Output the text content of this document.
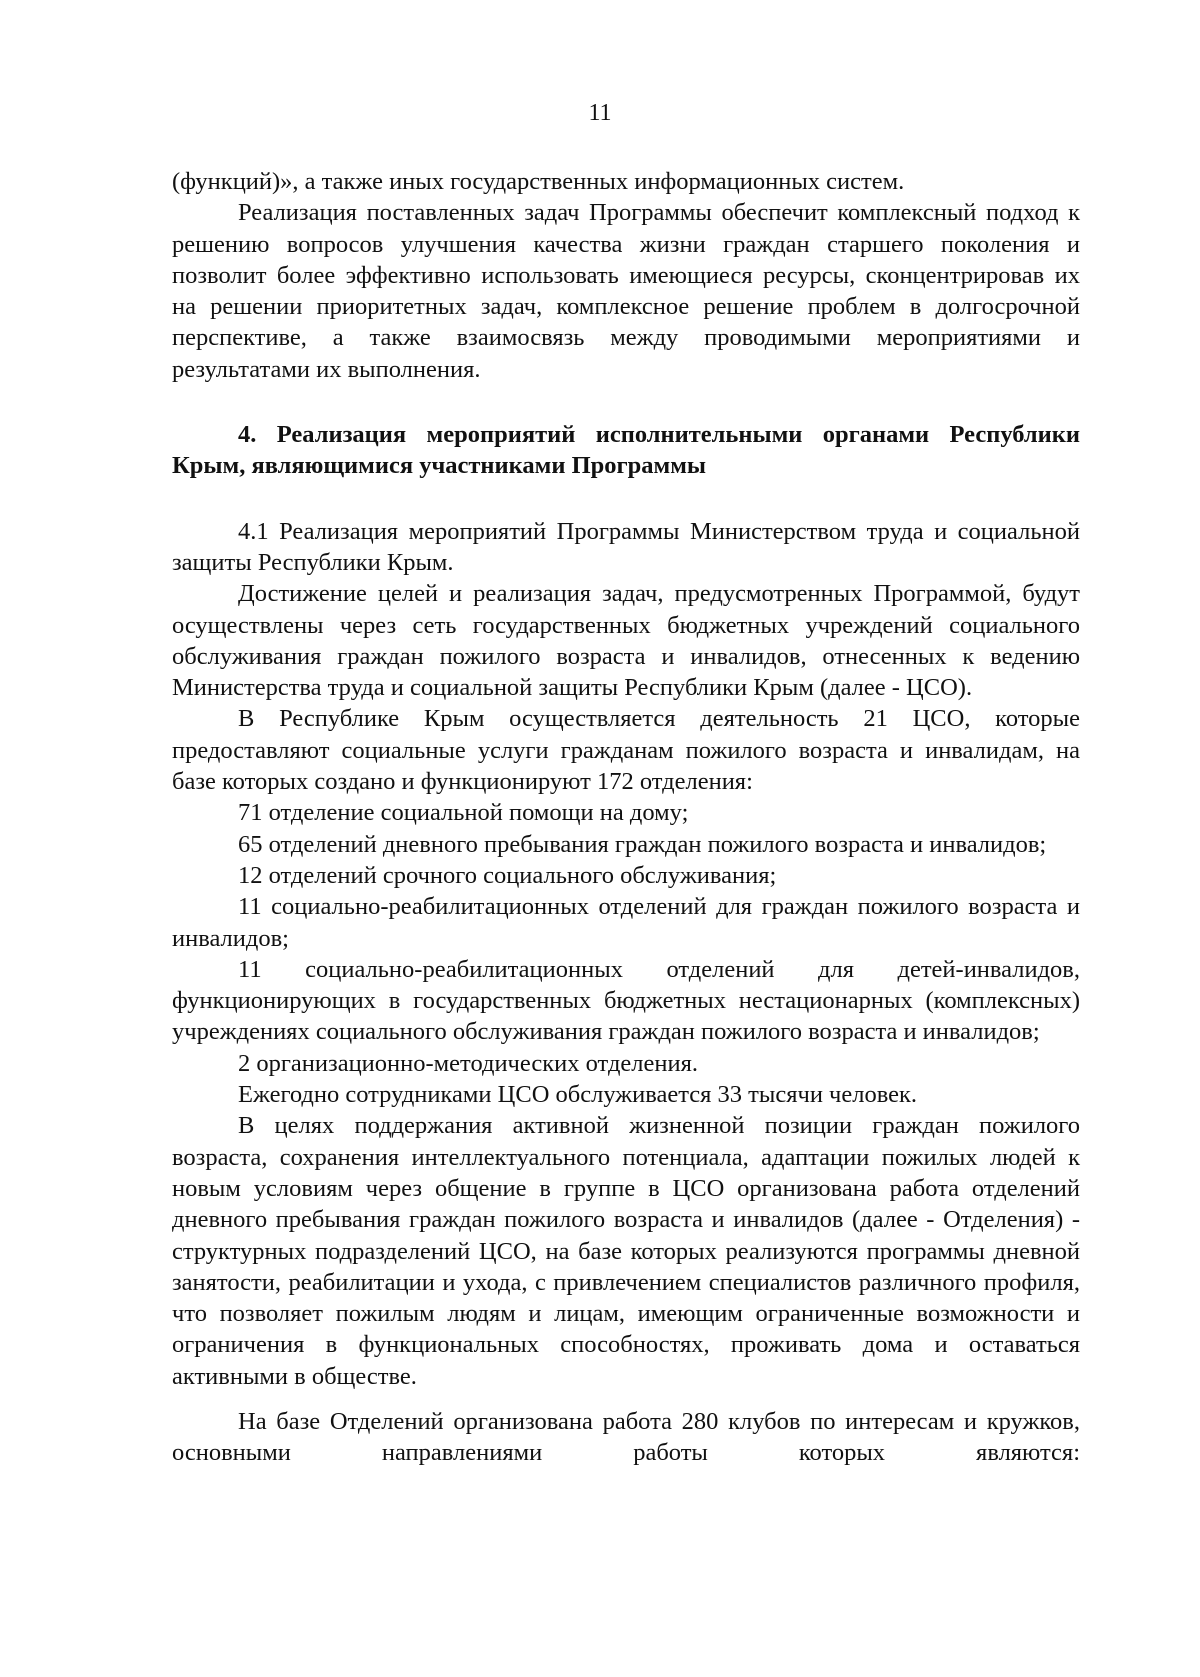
11

(функций)», а также иных государственных информационных систем.

Реализация поставленных задач Программы обеспечит комплексный подход к решению вопросов улучшения качества жизни граждан старшего поколения и позволит более эффективно использовать имеющиеся ресурсы, сконцентрировав их на решении приоритетных задач, комплексное решение проблем в долгосрочной перспективе, а также взаимосвязь между проводимыми мероприятиями и результатами их выполнения.

4. Реализация мероприятий исполнительными органами Республики Крым, являющимися участниками Программы

4.1 Реализация мероприятий Программы Министерством труда и социальной защиты Республики Крым.

Достижение целей и реализация задач, предусмотренных Программой, будут осуществлены через сеть государственных бюджетных учреждений социального обслуживания граждан пожилого возраста и инвалидов, отнесенных к ведению Министерства труда и социальной защиты Республики Крым (далее - ЦСО).

В Республике Крым осуществляется деятельность 21 ЦСО, которые предоставляют социальные услуги гражданам пожилого возраста и инвалидам, на базе которых создано и функционируют 172 отделения:

71 отделение социальной помощи на дому;

65 отделений дневного пребывания граждан пожилого возраста и инвалидов;

12 отделений срочного социального обслуживания;

11 социально-реабилитационных отделений для граждан пожилого возраста и инвалидов;

11 социально-реабилитационных отделений для детей-инвалидов, функционирующих в государственных бюджетных нестационарных (комплексных) учреждениях социального обслуживания граждан пожилого возраста и инвалидов;

2 организационно-методических отделения.

Ежегодно сотрудниками ЦСО обслуживается 33 тысячи человек.

В целях поддержания активной жизненной позиции граждан пожилого возраста, сохранения интеллектуального потенциала, адаптации пожилых людей к новым условиям через общение в группе в ЦСО организована работа отделений дневного пребывания граждан пожилого возраста и инвалидов (далее - Отделения) - структурных подразделений ЦСО, на базе которых реализуются программы дневной занятости, реабилитации и ухода, с привлечением специалистов различного профиля, что позволяет пожилым людям и лицам, имеющим ограниченные возможности и ограничения в функциональных способностях, проживать дома и оставаться активными в обществе.

На базе Отделений организована работа 280 клубов по интересам и кружков, основными направлениями работы которых являются:
